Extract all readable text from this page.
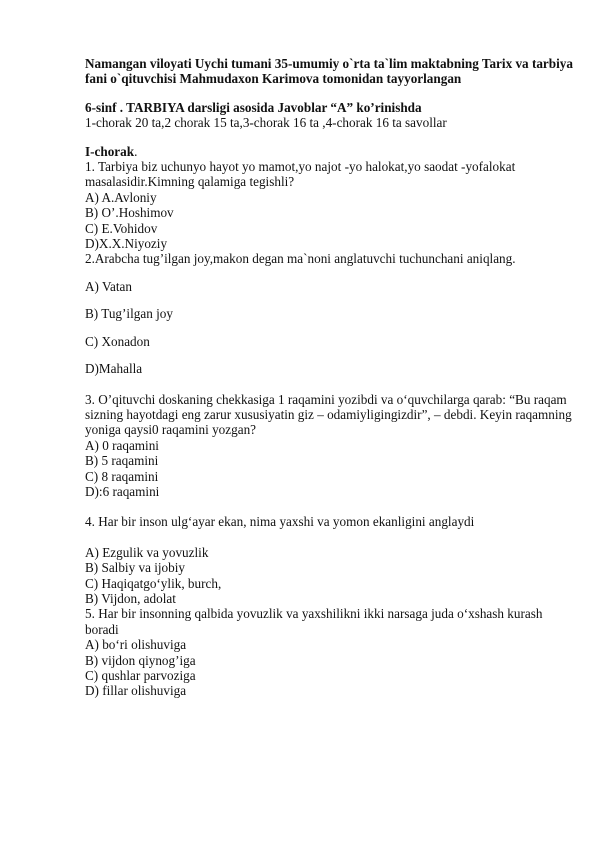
Namangan viloyati Uychi tumani 35-umumiy o`rta ta`lim maktabning Tarix va tarbiya fani o`qituvchisi Mahmudaxon Karimova tomonidan tayyorlangan

6-sinf . TARBIYA darsligi asosida Javoblar “A” ko’rinishda

1-chorak 20 ta,2 chorak 15 ta,3-chorak 16 ta ,4-chorak 16 ta savollar

I-chorak.

1. Tarbiya biz uchunyo hayot yo mamot,yo najot -yo halokat,yo saodat -yofalokat masalasidir.Kimning qalamiga tegishli?

A) A.Avloniy

B) O’.Hoshimov

C) E.Vohidov

D)X.X.Niyoziy

2.Arabcha tug’ilgan joy,makon degan ma`noni anglatuvchi tuchunchani aniqlang.

A) Vatan

B) Tug’ilgan joy

C) Xonadon

D)Mahalla

3. O’qituvchi doskaning chekkasiga 1 raqamini yozibdi va o‘quvchilarga qarab: “Bu raqam sizning hayotdagi eng zarur xususiyatin giz – odamiyligingizdir”, – debdi. Keyin raqamning yoniga qaysi0 raqamini yozgan?

A) 0 raqamini

B) 5 raqamini

C) 8 raqamini

D):6 raqamini

4. Har bir inson ulg‘ayar ekan, nima yaxshi va yomon ekanligini anglaydi

A) Ezgulik va yovuzlik

B) Salbiy va ijobiy

C) Haqiqatgo‘ylik, burch,

B) Vijdon, adolat

5. Har bir insonning qalbida yovuzlik va yaxshilikni ikki narsaga juda o‘xshash kurash boradi

A) bo‘ri olishuviga

B) vijdon qiynog’iga

C) qushlar parvoziga

D) fillar olishuviga
